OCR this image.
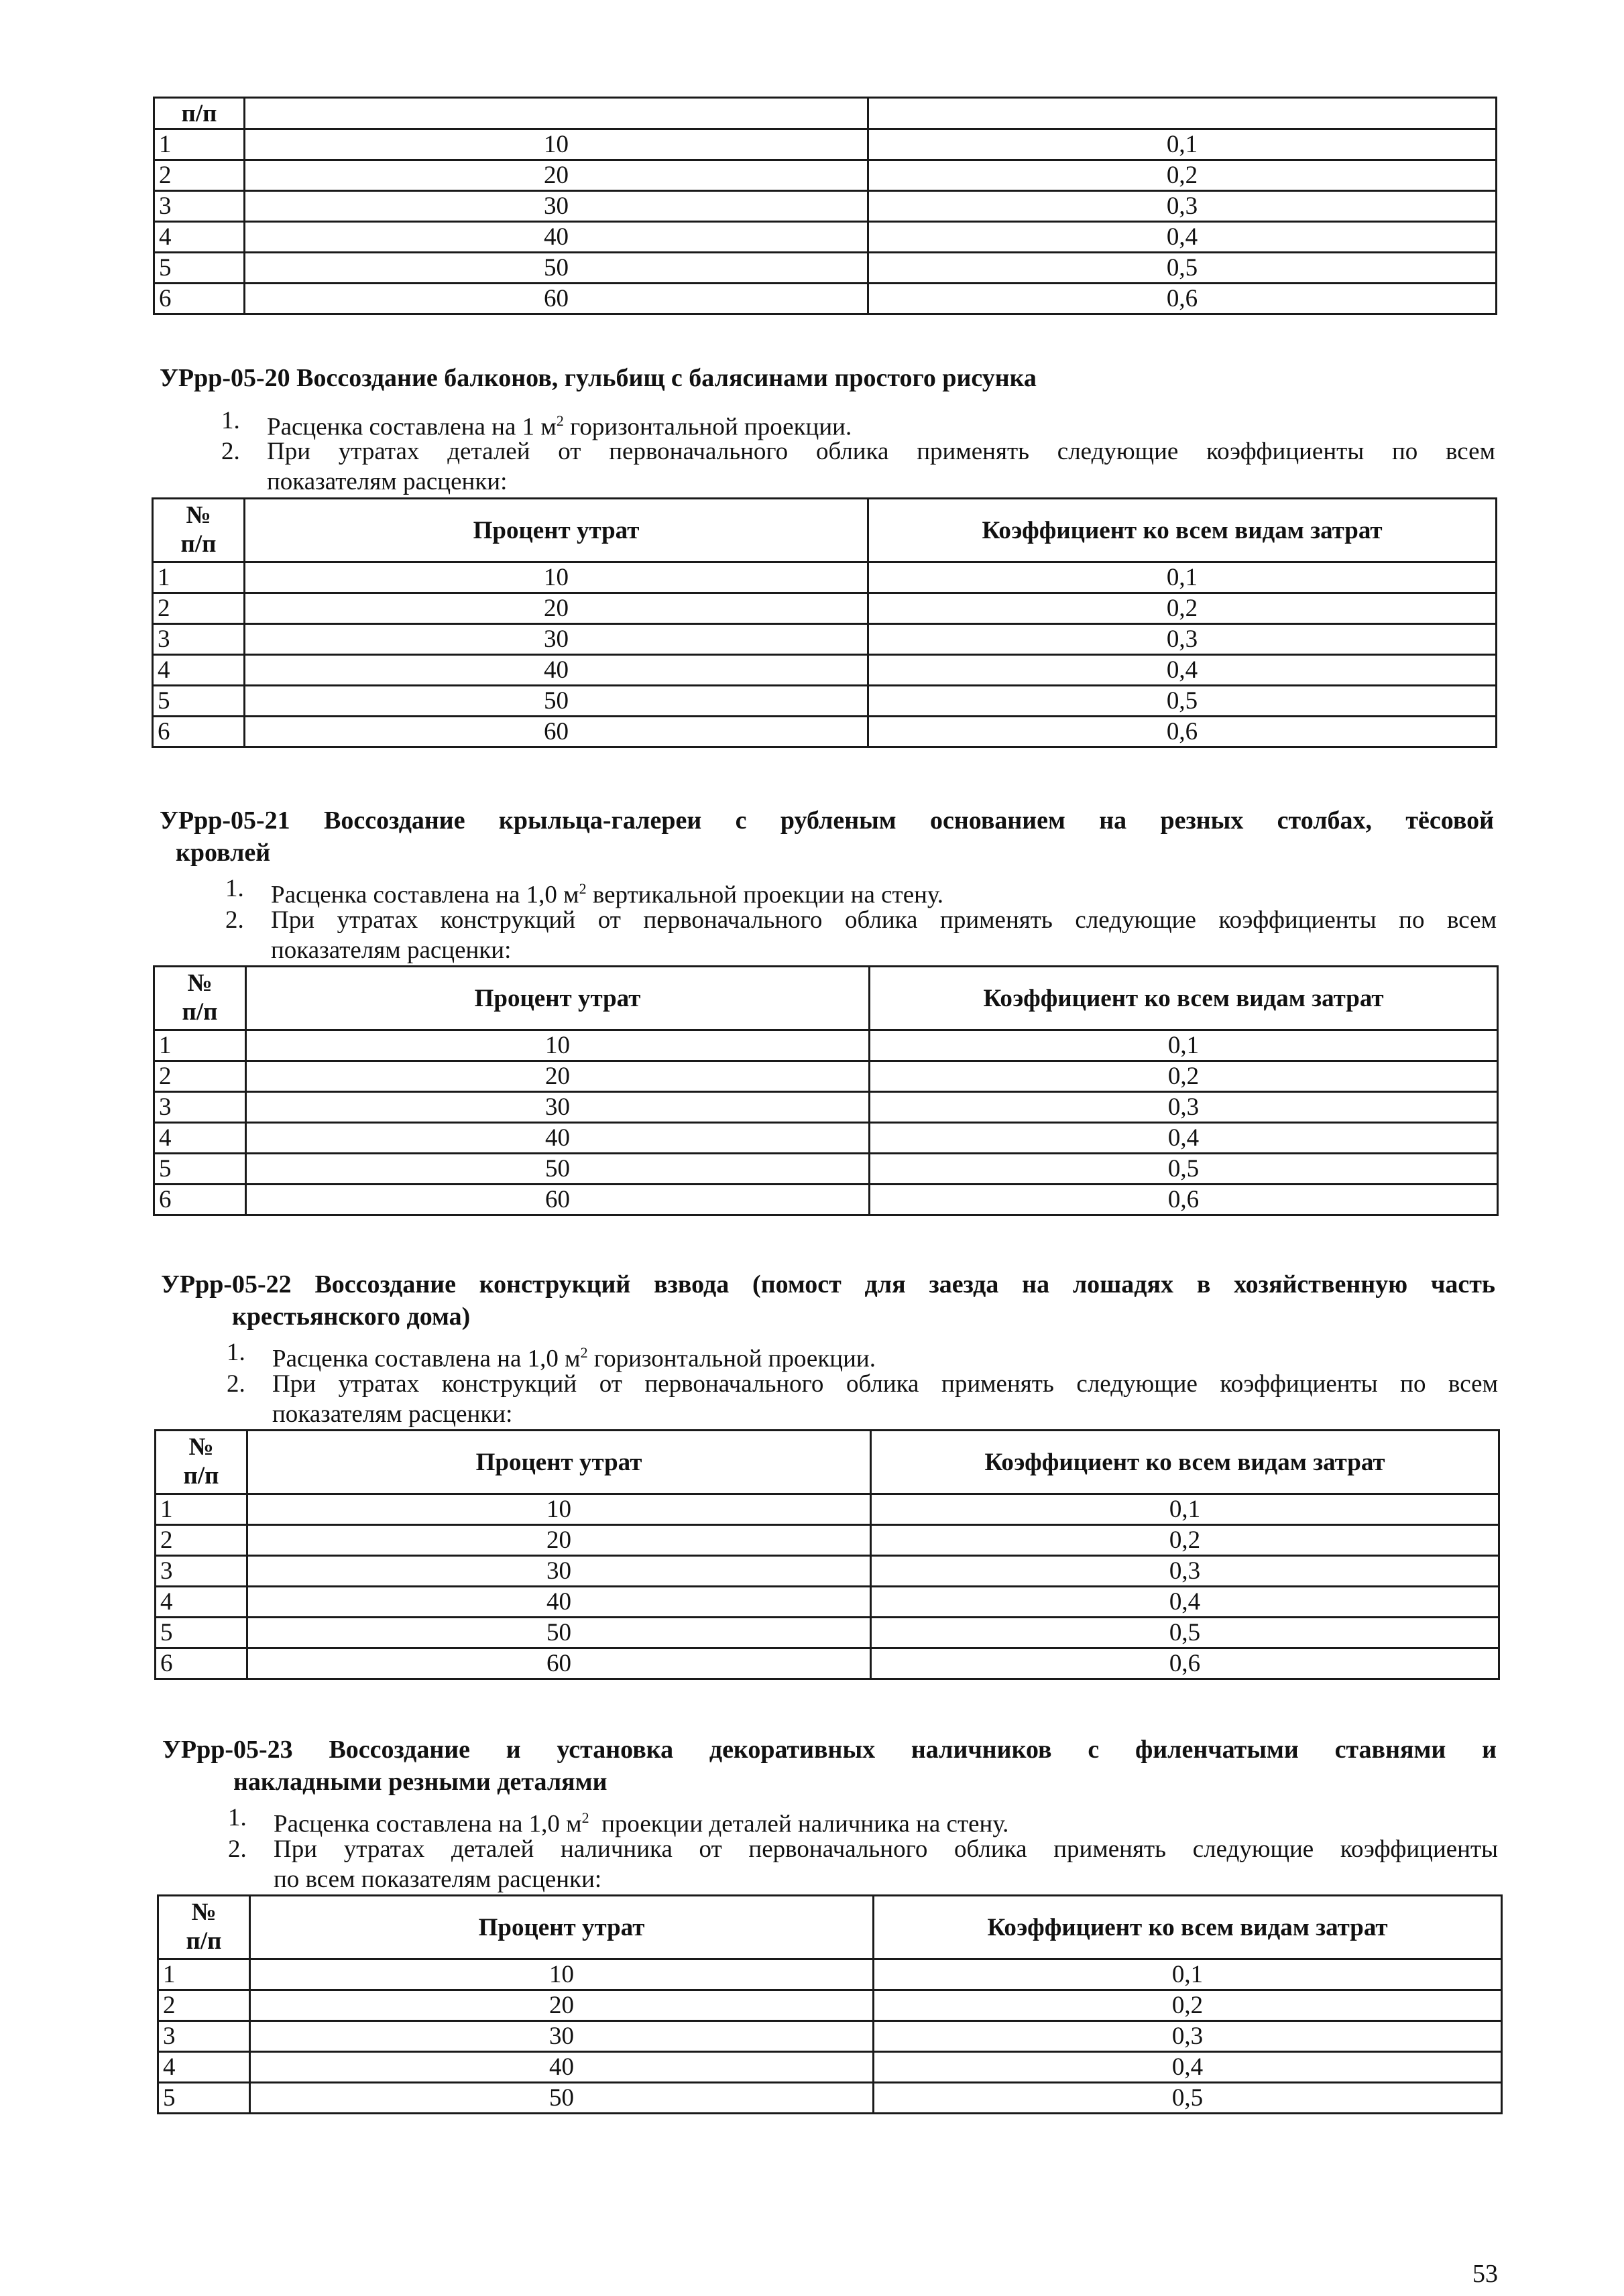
п/п		
1	10	0,1
2	20	0,2
3	30	0,3
4	40	0,4
5	50	0,5
6	60	0,6
УРрр-05-20 Воссоздание балконов, гульбищ с балясинами простого рисунка
1. Расценка составлена на 1 $м^2$ горизонтальной проекции.
2. При утратах деталей от первоначального облика применять следующие коэффициенты по всем
показателям расценки:
№
п/п	Процент утрат	Коэффициент ко всем видам затрат
1	10	0,1
2	20	0,2
3	30	0,3
4	40	0,4
5	50	0,5
6	60	0,6
УРрр-05-21 Воссоздание крыльца-галереи с рубленым основанием на резных столбах, тёсовой
кровлей
1. Расценка составлена на 1,0 $м^2$ вертикальной проекции на стену.
2. При утратах конструкций от первоначального облика применять следующие коэффициенты по всем
показателям расценки:
№
п/п	Процент утрат	Коэффициент ко всем видам затрат
1	10	0,1
2	20	0,2
3	30	0,3
4	40	0,4
5	50	0,5
6	60	0,6
УРрр-05-22 Воссоздание конструкций взвода (помост для заезда на лошадях в хозяйственную часть
крестьянского дома)
1. Расценка составлена на 1,0 $м^2$ горизонтальной проекции.
2. При утратах конструкций от первоначального облика применять следующие коэффициенты по всем
показателям расценки:
№
п/п	Процент утрат	Коэффициент ко всем видам затрат
1	10	0,1
2	20	0,2
3	30	0,3
4	40	0,4
5	50	0,5
6	60	0,6
УРрр-05-23 Воссоздание и установка декоративных наличников с филенчатыми ставнями и
накладными резными деталями
1. Расценка составлена на 1,0 $м^2$  проекции деталей наличника на стену.
2. При утратах деталей наличника от первоначального облика применять следующие коэффициенты
по всем показателям расценки:
№
п/п	Процент утрат	Коэффициент ко всем видам затрат
1	10	0,1
2	20	0,2
3	30	0,3
4	40	0,4
5	50	0,5
53
